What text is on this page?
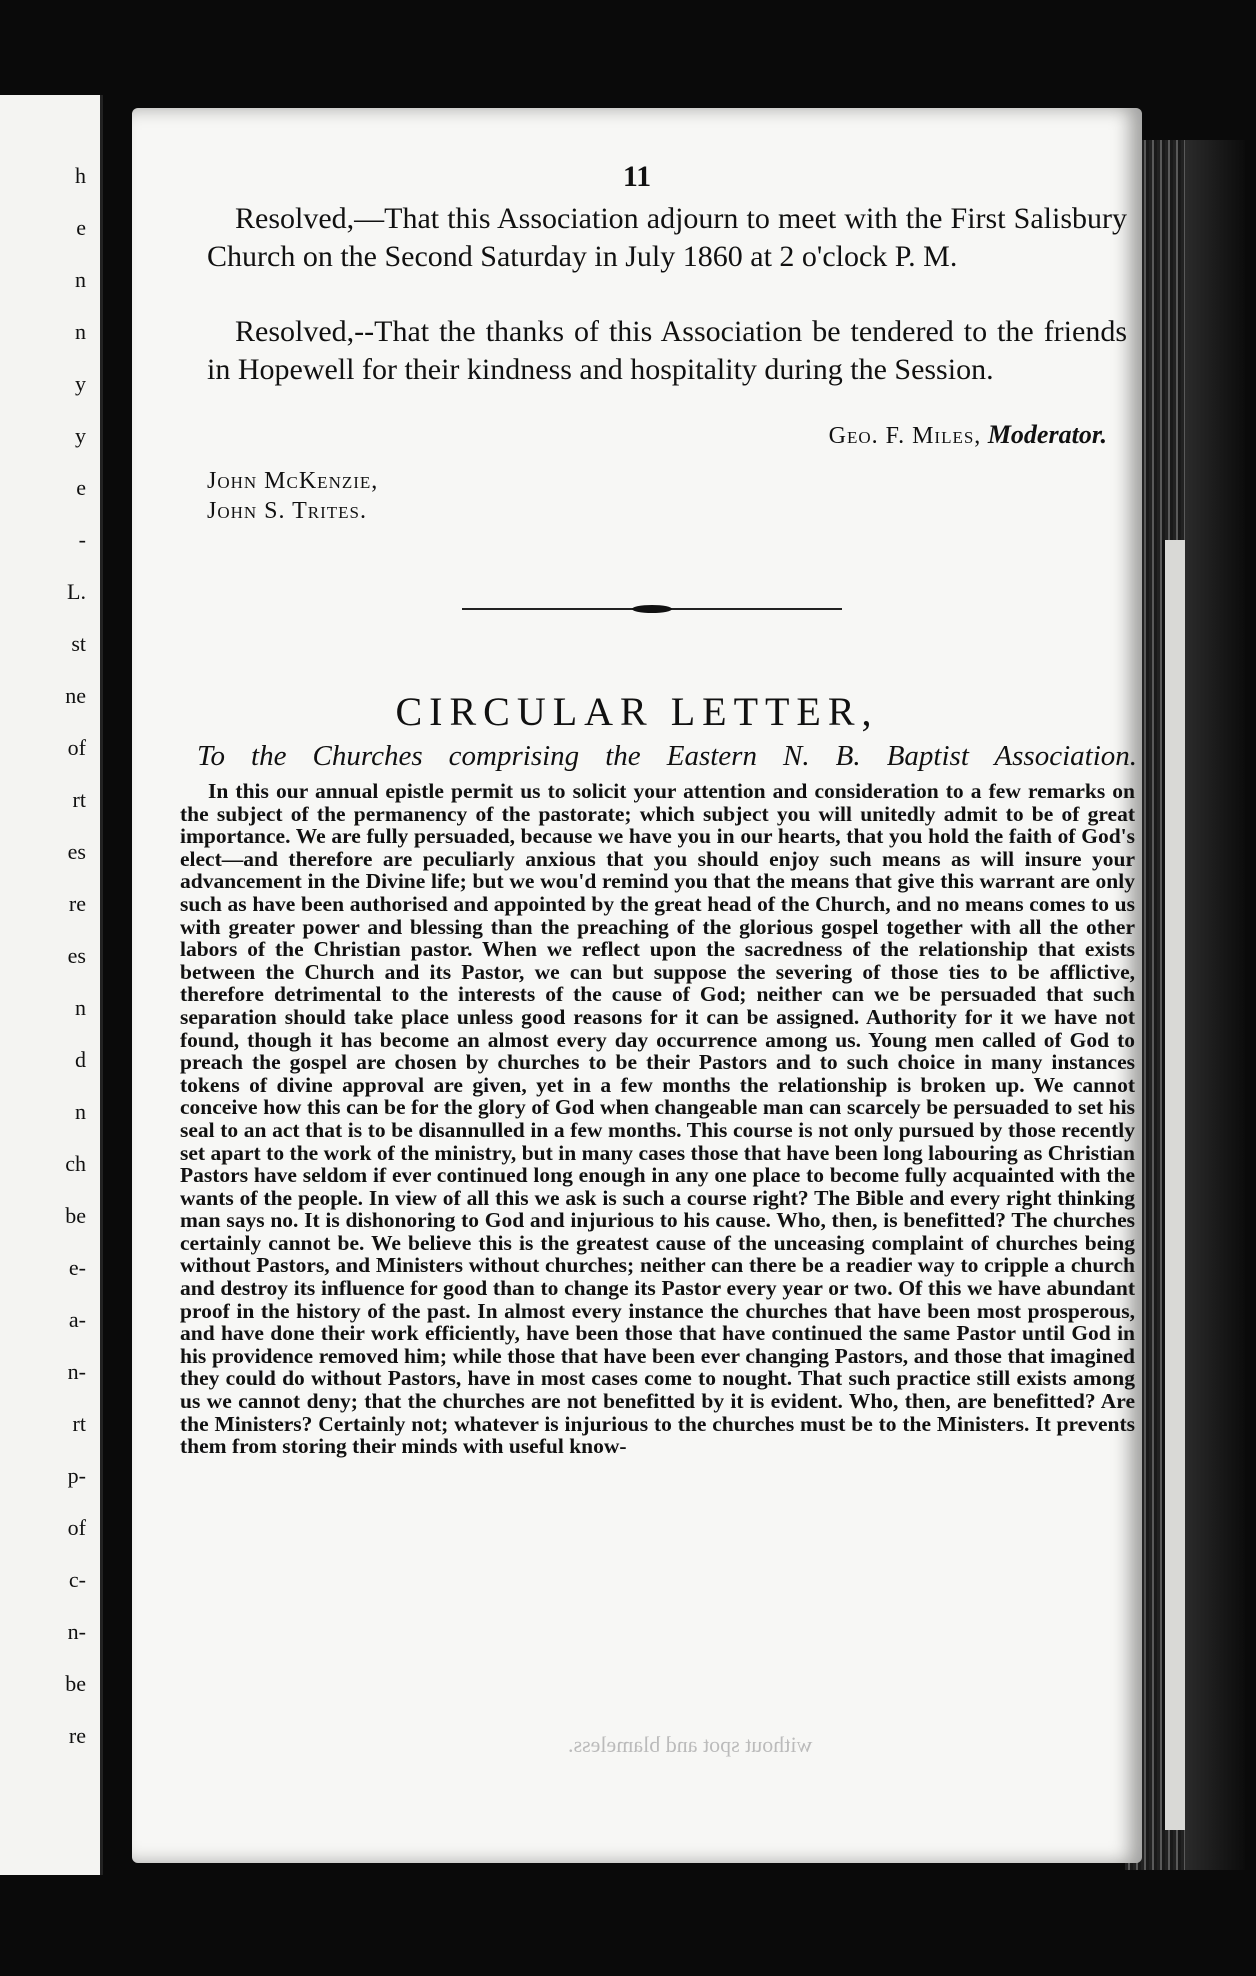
h
e
n
n
y
y
e
-
L.
st
ne
of
rt
es
re
es
n
d
n
ch
be
e-
a-
n-
rt
p-
of
c-
n-
be
re
11

Resolved,—That this Association adjourn to meet with the First Salisbury Church on the Second Saturday in July 1860 at 2 o'clock P. M.

Resolved,--That the thanks of this Association be tendered to the friends in Hopewell for their kindness and hospitality during the Session.

Geo. F. Miles, Moderator.
John McKenzie,
John S. Trites.
CIRCULAR LETTER,
To the Churches comprising the Eastern N. B. Baptist Association.

In this our annual epistle permit us to solicit your attention and consideration to a few remarks on the subject of the permanency of the pastorate; which subject you will unitedly admit to be of great importance. We are fully persuaded, because we have you in our hearts, that you hold the faith of God's elect—and therefore are peculiarly anxious that you should enjoy such means as will insure your advancement in the Divine life; but we wou'd remind you that the means that give this warrant are only such as have been authorised and appointed by the great head of the Church, and no means comes to us with greater power and blessing than the preaching of the glorious gospel together with all the other labors of the Christian pastor. When we reflect upon the sacredness of the relationship that exists between the Church and its Pastor, we can but suppose the severing of those ties to be afflictive, therefore detrimental to the interests of the cause of God; neither can we be persuaded that such separation should take place unless good reasons for it can be assigned. Authority for it we have not found, though it has become an almost every day occurrence among us. Young men called of God to preach the gospel are chosen by churches to be their Pastors and to such choice in many instances tokens of divine approval are given, yet in a few months the relationship is broken up. We cannot conceive how this can be for the glory of God when changeable man can scarcely be persuaded to set his seal to an act that is to be disannulled in a few months. This course is not only pursued by those recently set apart to the work of the ministry, but in many cases those that have been long labouring as Christian Pastors have seldom if ever continued long enough in any one place to become fully acquainted with the wants of the people. In view of all this we ask is such a course right? The Bible and every right thinking man says no. It is dishonoring to God and injurious to his cause. Who, then, is benefitted? The churches certainly cannot be. We believe this is the greatest cause of the unceasing complaint of churches being without Pastors, and Ministers without churches; neither can there be a readier way to cripple a church and destroy its influence for good than to change its Pastor every year or two. Of this we have abundant proof in the history of the past. In almost every instance the churches that have been most prosperous, and have done their work efficiently, have been those that have continued the same Pastor until God in his providence removed him; while those that have been ever changing Pastors, and those that imagined they could do without Pastors, have in most cases come to nought. That such practice still exists among us we cannot deny; that the churches are not benefitted by it is evident. Who, then, are benefitted? Are the Ministers? Certainly not; whatever is injurious to the churches must be to the Ministers. It prevents them from storing their minds with useful know-

without spot and blameless.
